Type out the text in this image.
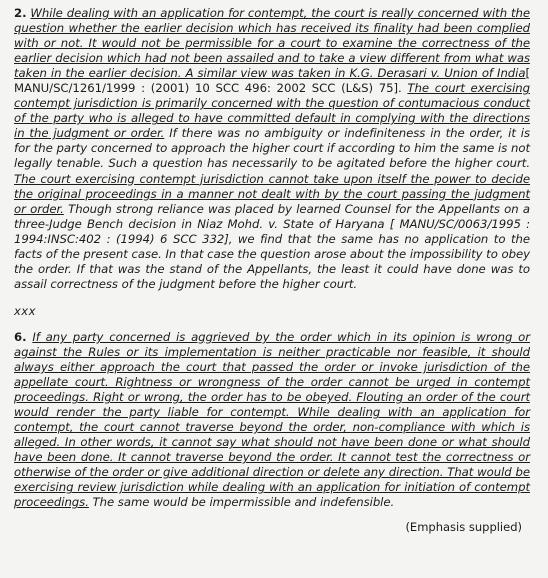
2. While dealing with an application for contempt, the court is really concerned with the question whether the earlier decision which has received its finality had been complied with or not. It would not be permissible for a court to examine the correctness of the earlier decision which had not been assailed and to take a view different from what was taken in the earlier decision. A similar view was taken in K.G. Derasari v. Union of India[ MANU/SC/1261/1999 : (2001) 10 SCC 496: 2002 SCC (L&S) 75]. The court exercising contempt jurisdiction is primarily concerned with the question of contumacious conduct of the party who is alleged to have committed default in complying with the directions in the judgment or order. If there was no ambiguity or indefiniteness in the order, it is for the party concerned to approach the higher court if according to him the same is not legally tenable. Such a question has necessarily to be agitated before the higher court. The court exercising contempt jurisdiction cannot take upon itself the power to decide the original proceedings in a manner not dealt with by the court passing the judgment or order. Though strong reliance was placed by learned Counsel for the Appellants on a three-Judge Bench decision in Niaz Mohd. v. State of Haryana [ MANU/SC/0063/1995 : 1994:INSC:402 : (1994) 6 SCC 332], we find that the same has no application to the facts of the present case. In that case the question arose about the impossibility to obey the order. If that was the stand of the Appellants, the least it could have done was to assail correctness of the judgment before the higher court.

xxx

6. If any party concerned is aggrieved by the order which in its opinion is wrong or against the Rules or its implementation is neither practicable nor feasible, it should always either approach the court that passed the order or invoke jurisdiction of the appellate court. Rightness or wrongness of the order cannot be urged in contempt proceedings. Right or wrong, the order has to be obeyed. Flouting an order of the court would render the party liable for contempt. While dealing with an application for contempt, the court cannot traverse beyond the order, non-compliance with which is alleged. In other words, it cannot say what should not have been done or what should have been done. It cannot traverse beyond the order. It cannot test the correctness or otherwise of the order or give additional direction or delete any direction. That would be exercising review jurisdiction while dealing with an application for initiation of contempt proceedings. The same would be impermissible and indefensible.

(Emphasis supplied)
